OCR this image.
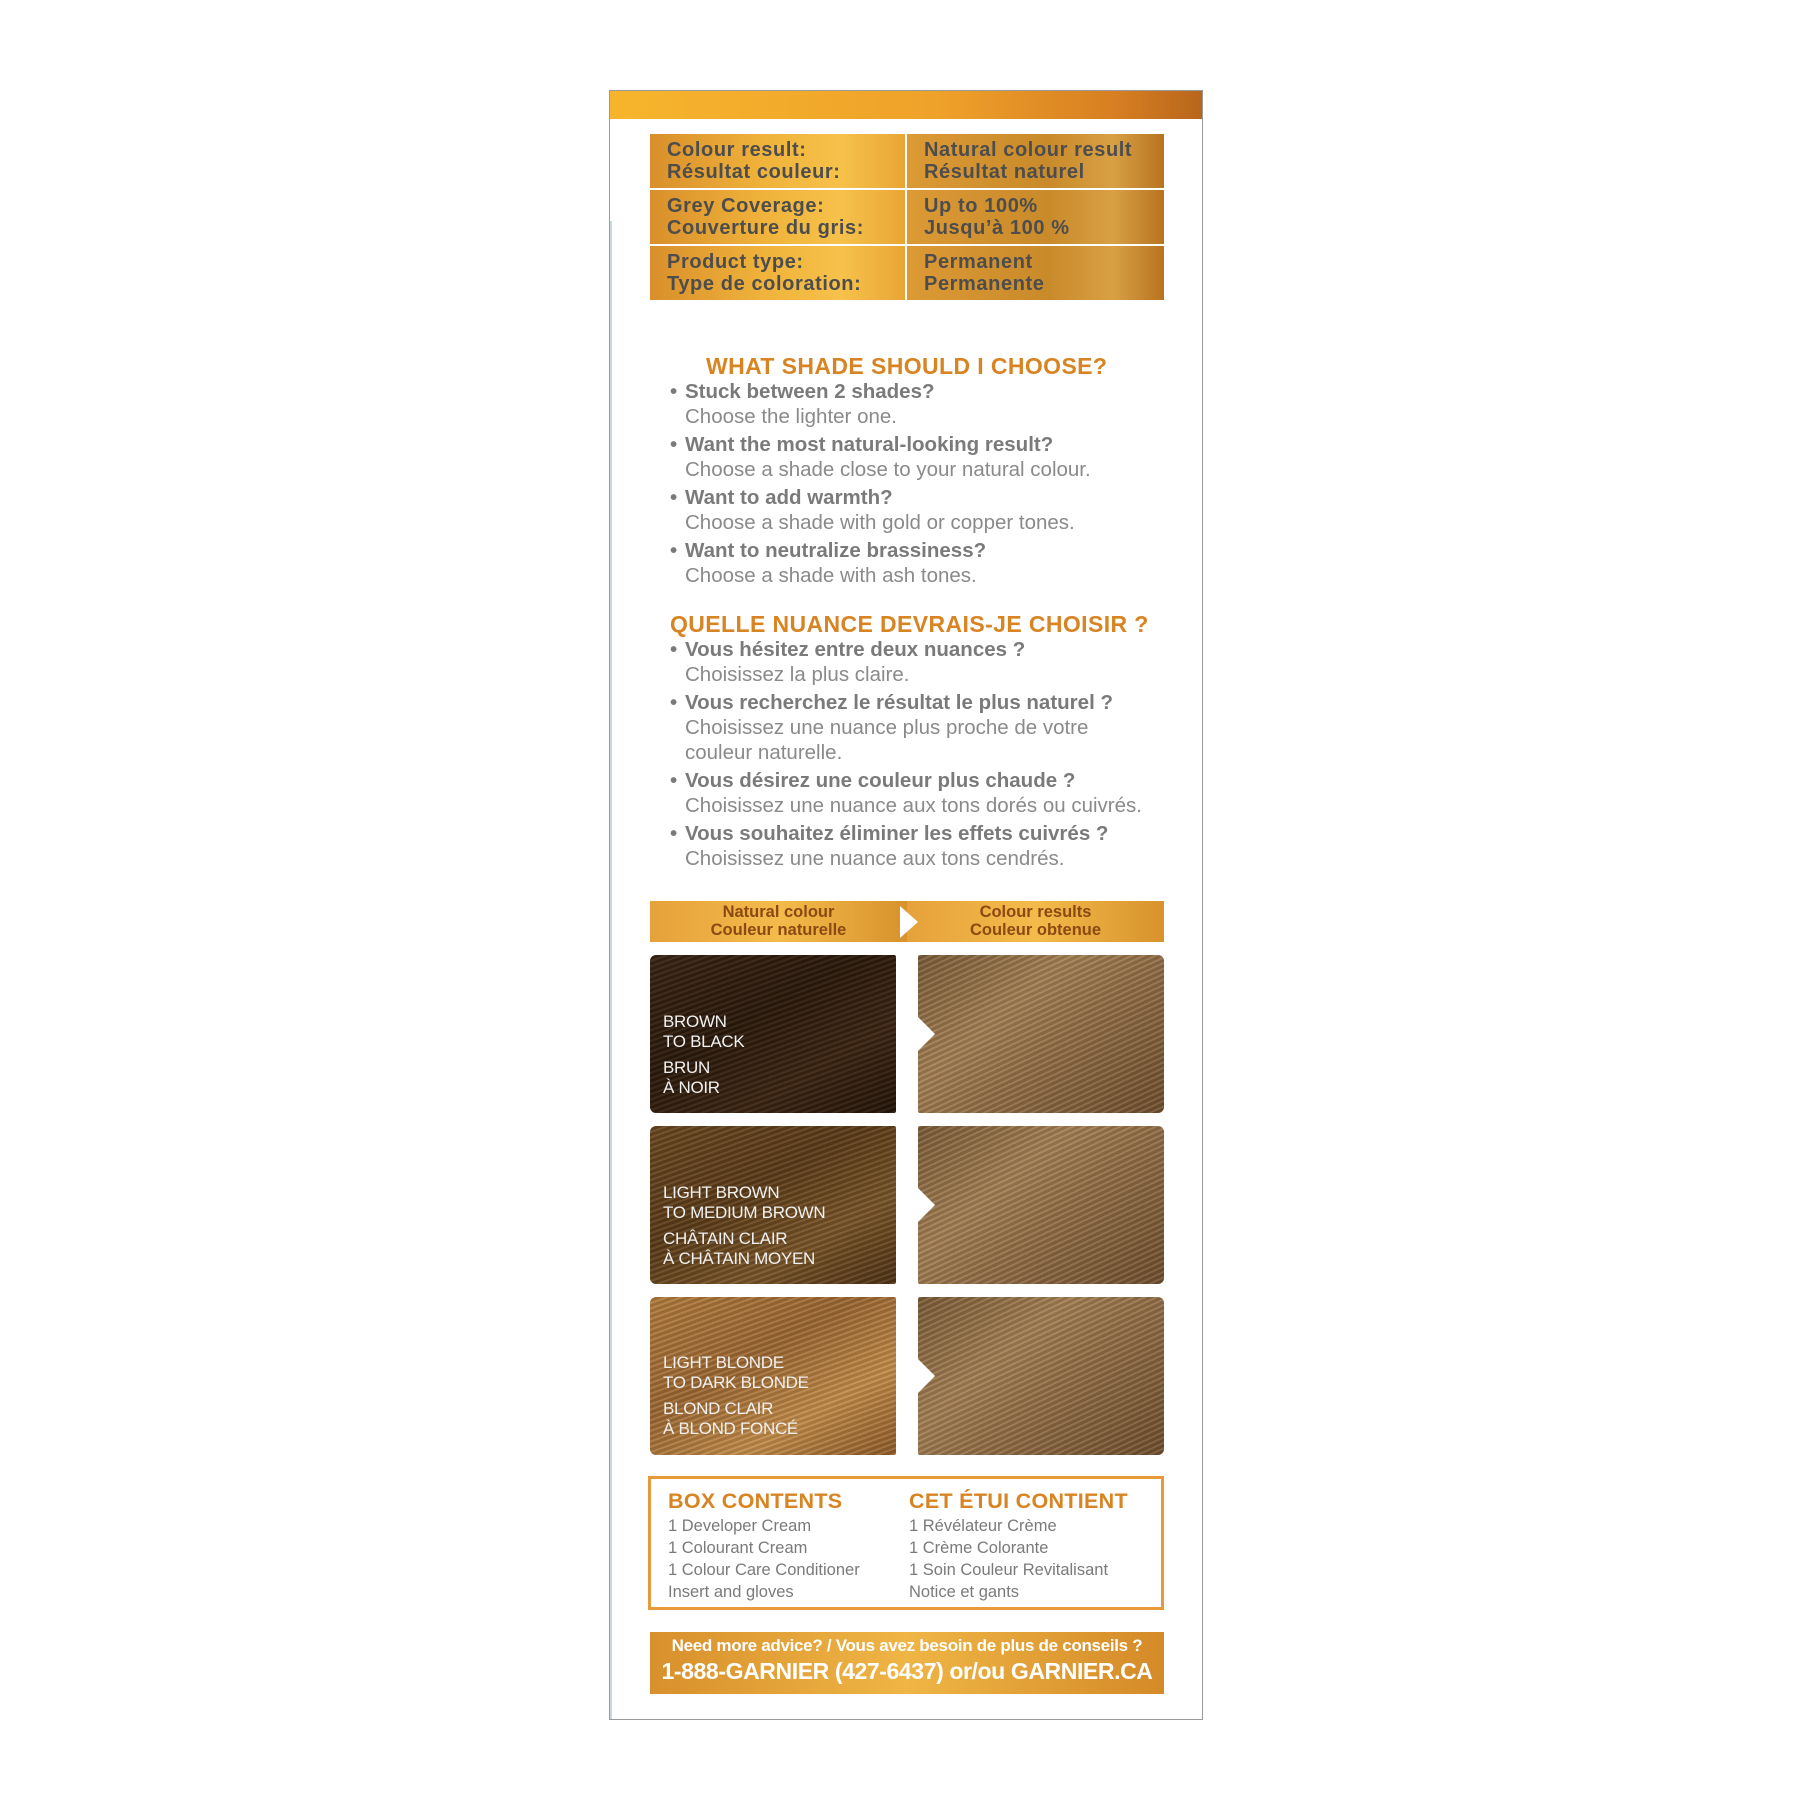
Colour result:
Résultat couleur:
Natural colour result
Résultat naturel
Grey Coverage:
Couverture du gris:
Up to 100%
Jusqu’à 100 %
Product type:
Type de coloration:
Permanent
Permanente
WHAT SHADE SHOULD I CHOOSE?
• Stuck between 2 shades?
Choose the lighter one.
• Want the most natural-looking result?
Choose a shade close to your natural colour.
• Want to add warmth?
Choose a shade with gold or copper tones.
• Want to neutralize brassiness?
Choose a shade with ash tones.
QUELLE NUANCE DEVRAIS-JE CHOISIR ?
• Vous hésitez entre deux nuances ?
Choisissez la plus claire.
• Vous recherchez le résultat le plus naturel ?
Choisissez une nuance plus proche de votre couleur naturelle.
• Vous désirez une couleur plus chaude ?
Choisissez une nuance aux tons dorés ou cuivrés.
• Vous souhaitez éliminer les effets cuivrés ?
Choisissez une nuance aux tons cendrés.
Natural colour
Couleur naturelle
Colour results
Couleur obtenue
BROWN
TO BLACK
BRUN
À NOIR
LIGHT BROWN
TO MEDIUM BROWN
CHÂTAIN CLAIR
À CHÂTAIN MOYEN
LIGHT BLONDE
TO DARK BLONDE
BLOND CLAIR
À BLOND FONCÉ
BOX CONTENTS
1 Developer Cream
1 Colourant Cream
1 Colour Care Conditioner
Insert and gloves
CET ÉTUI CONTIENT
1 Révélateur Crème
1 Crème Colorante
1 Soin Couleur Revitalisant
Notice et gants
Need more advice? / Vous avez besoin de plus de conseils ?
1-888-GARNIER (427-6437) or/ou GARNIER.CA
